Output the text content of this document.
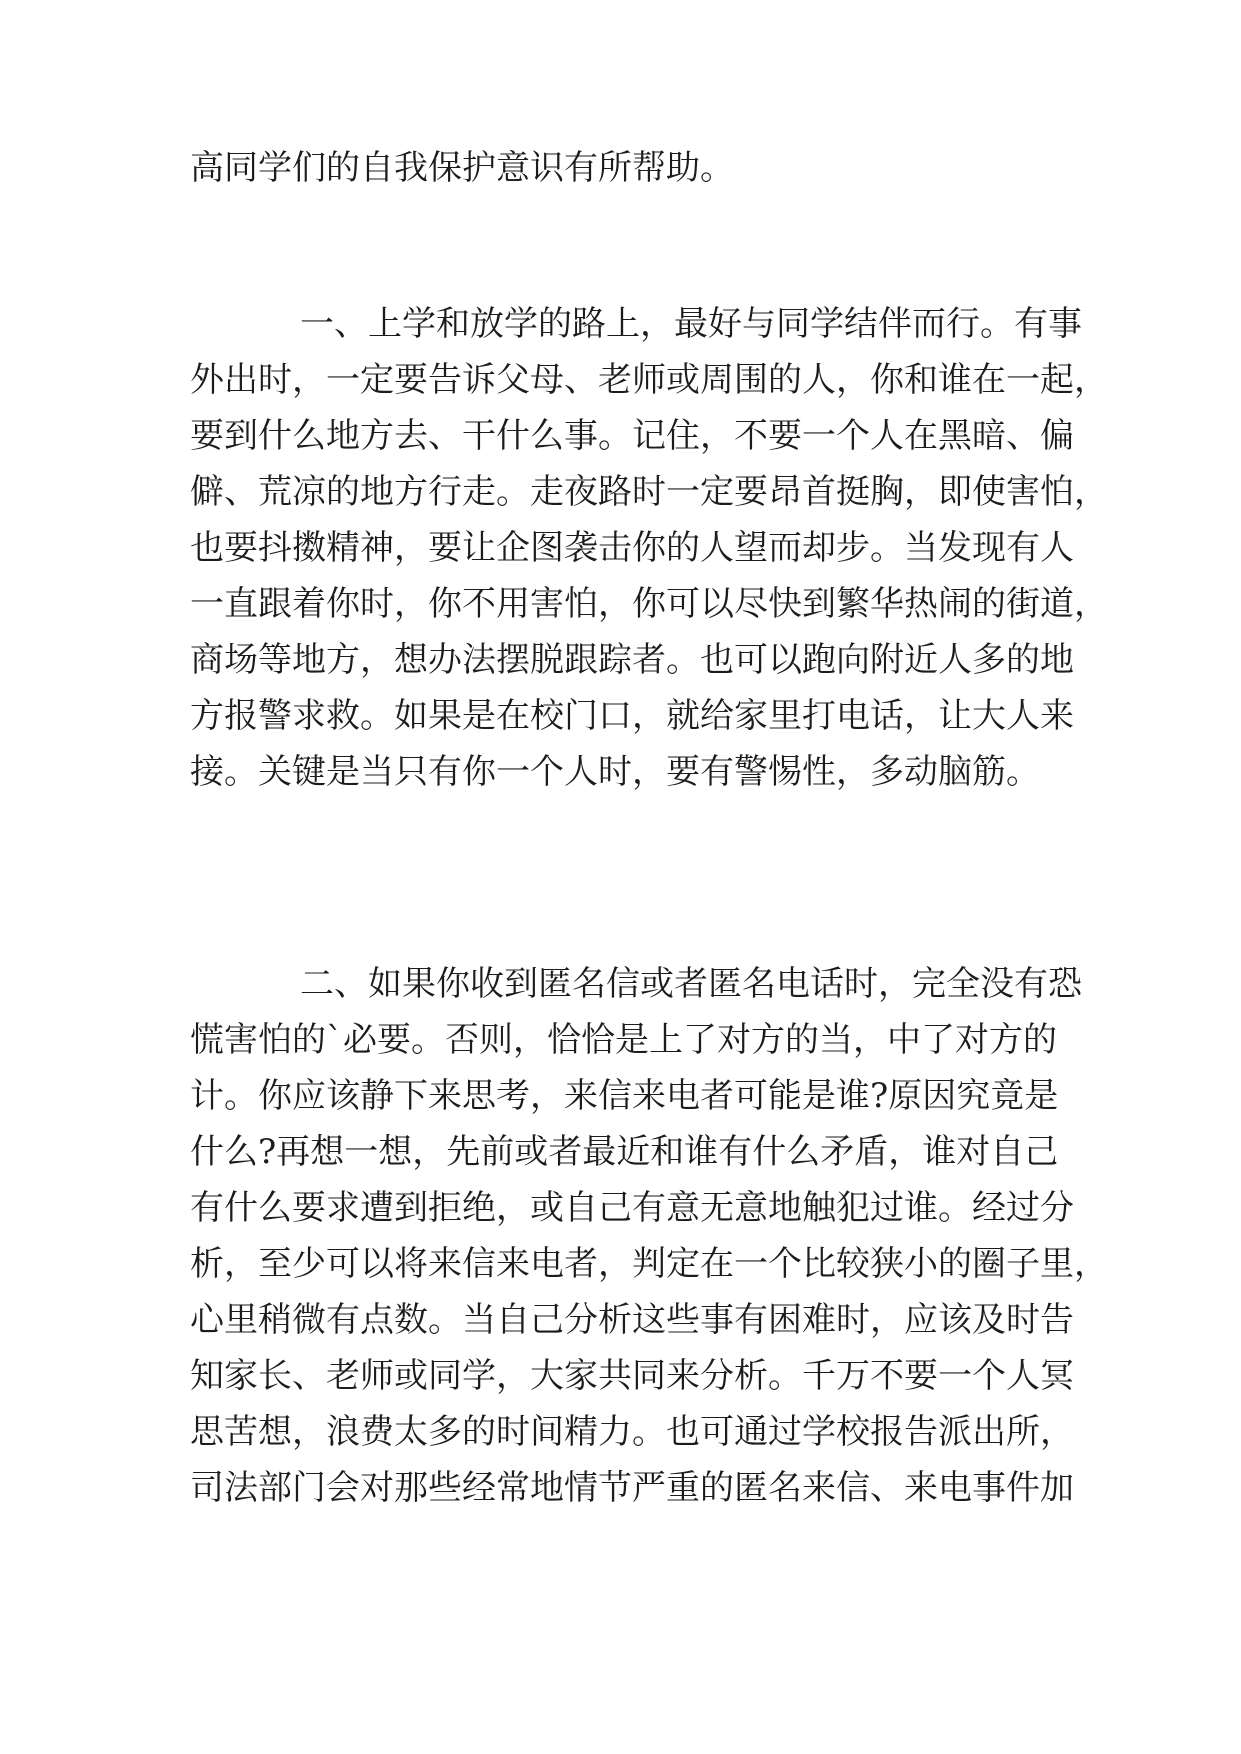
高同学们的自我保护意识有所帮助。

一、上学和放学的路上，最好与同学结伴而行。有事

外出时，一定要告诉父母、老师或周围的人，你和谁在一起，

要到什么地方去、干什么事。记住，不要一个人在黑暗、偏

僻、荒凉的地方行走。走夜路时一定要昂首挺胸，即使害怕，

也要抖擞精神，要让企图袭击你的人望而却步。当发现有人

一直跟着你时，你不用害怕，你可以尽快到繁华热闹的街道，

商场等地方，想办法摆脱跟踪者。也可以跑向附近人多的地

方报警求救。如果是在校门口，就给家里打电话，让大人来

接。关键是当只有你一个人时，要有警惕性，多动脑筋。

二、如果你收到匿名信或者匿名电话时，完全没有恐

慌害怕的`必要。否则，恰恰是上了对方的当，中了对方的

计。你应该静下来思考，来信来电者可能是谁?原因究竟是

什么?再想一想，先前或者最近和谁有什么矛盾，谁对自己

有什么要求遭到拒绝，或自己有意无意地触犯过谁。经过分

析，至少可以将来信来电者，判定在一个比较狭小的圈子里，

心里稍微有点数。当自己分析这些事有困难时，应该及时告

知家长、老师或同学，大家共同来分析。千万不要一个人冥

思苦想，浪费太多的时间精力。也可通过学校报告派出所，

司法部门会对那些经常地情节严重的匿名来信、来电事件加
